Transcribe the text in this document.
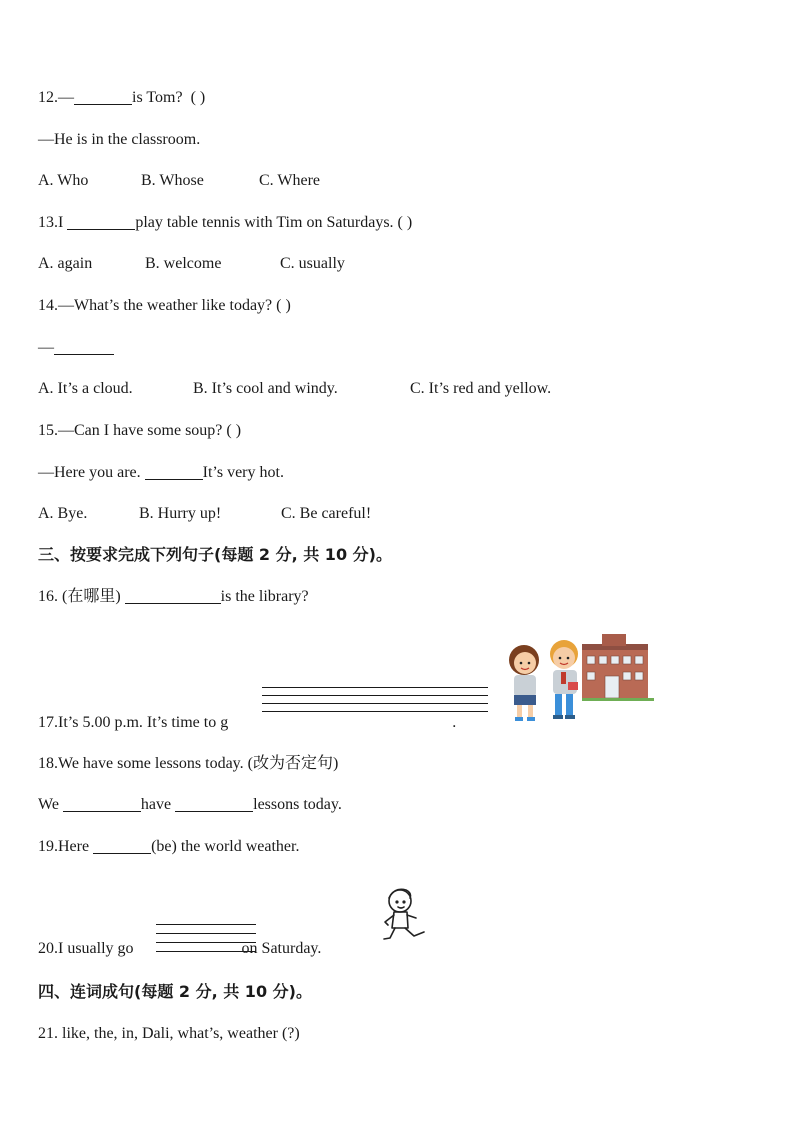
12.—	is Tom? ( )
—He is in the classroom.
A. Who	B. Whose	C. Where
13.I	play table tennis with Tim on Saturdays. ( )
A. again	B. welcome	C. usually
14.—What’s the weather like today? ( )
—
A. It’s a cloud.	B. It’s cool and windy.	C. It’s red and yellow.
15.—Can I have some soup? ( )
—Here you are.	It’s very hot.
A. Bye.	B. Hurry up!	C. Be careful!
三、按要求完成下列句子(每题 2 分, 共 10 分)。
16. (在哪里)	is the library?
17.It’s 5.00 p.m. It’s time to g	.
18.We have some lessons today. (改为否定句)
We	have	lessons today.
19.Here	(be) the world weather.
20.I usually go	on Saturday.
四、连词成句(每题 2 分, 共 10 分)。
21. like, the, in, Dali, what’s, weather (?)
